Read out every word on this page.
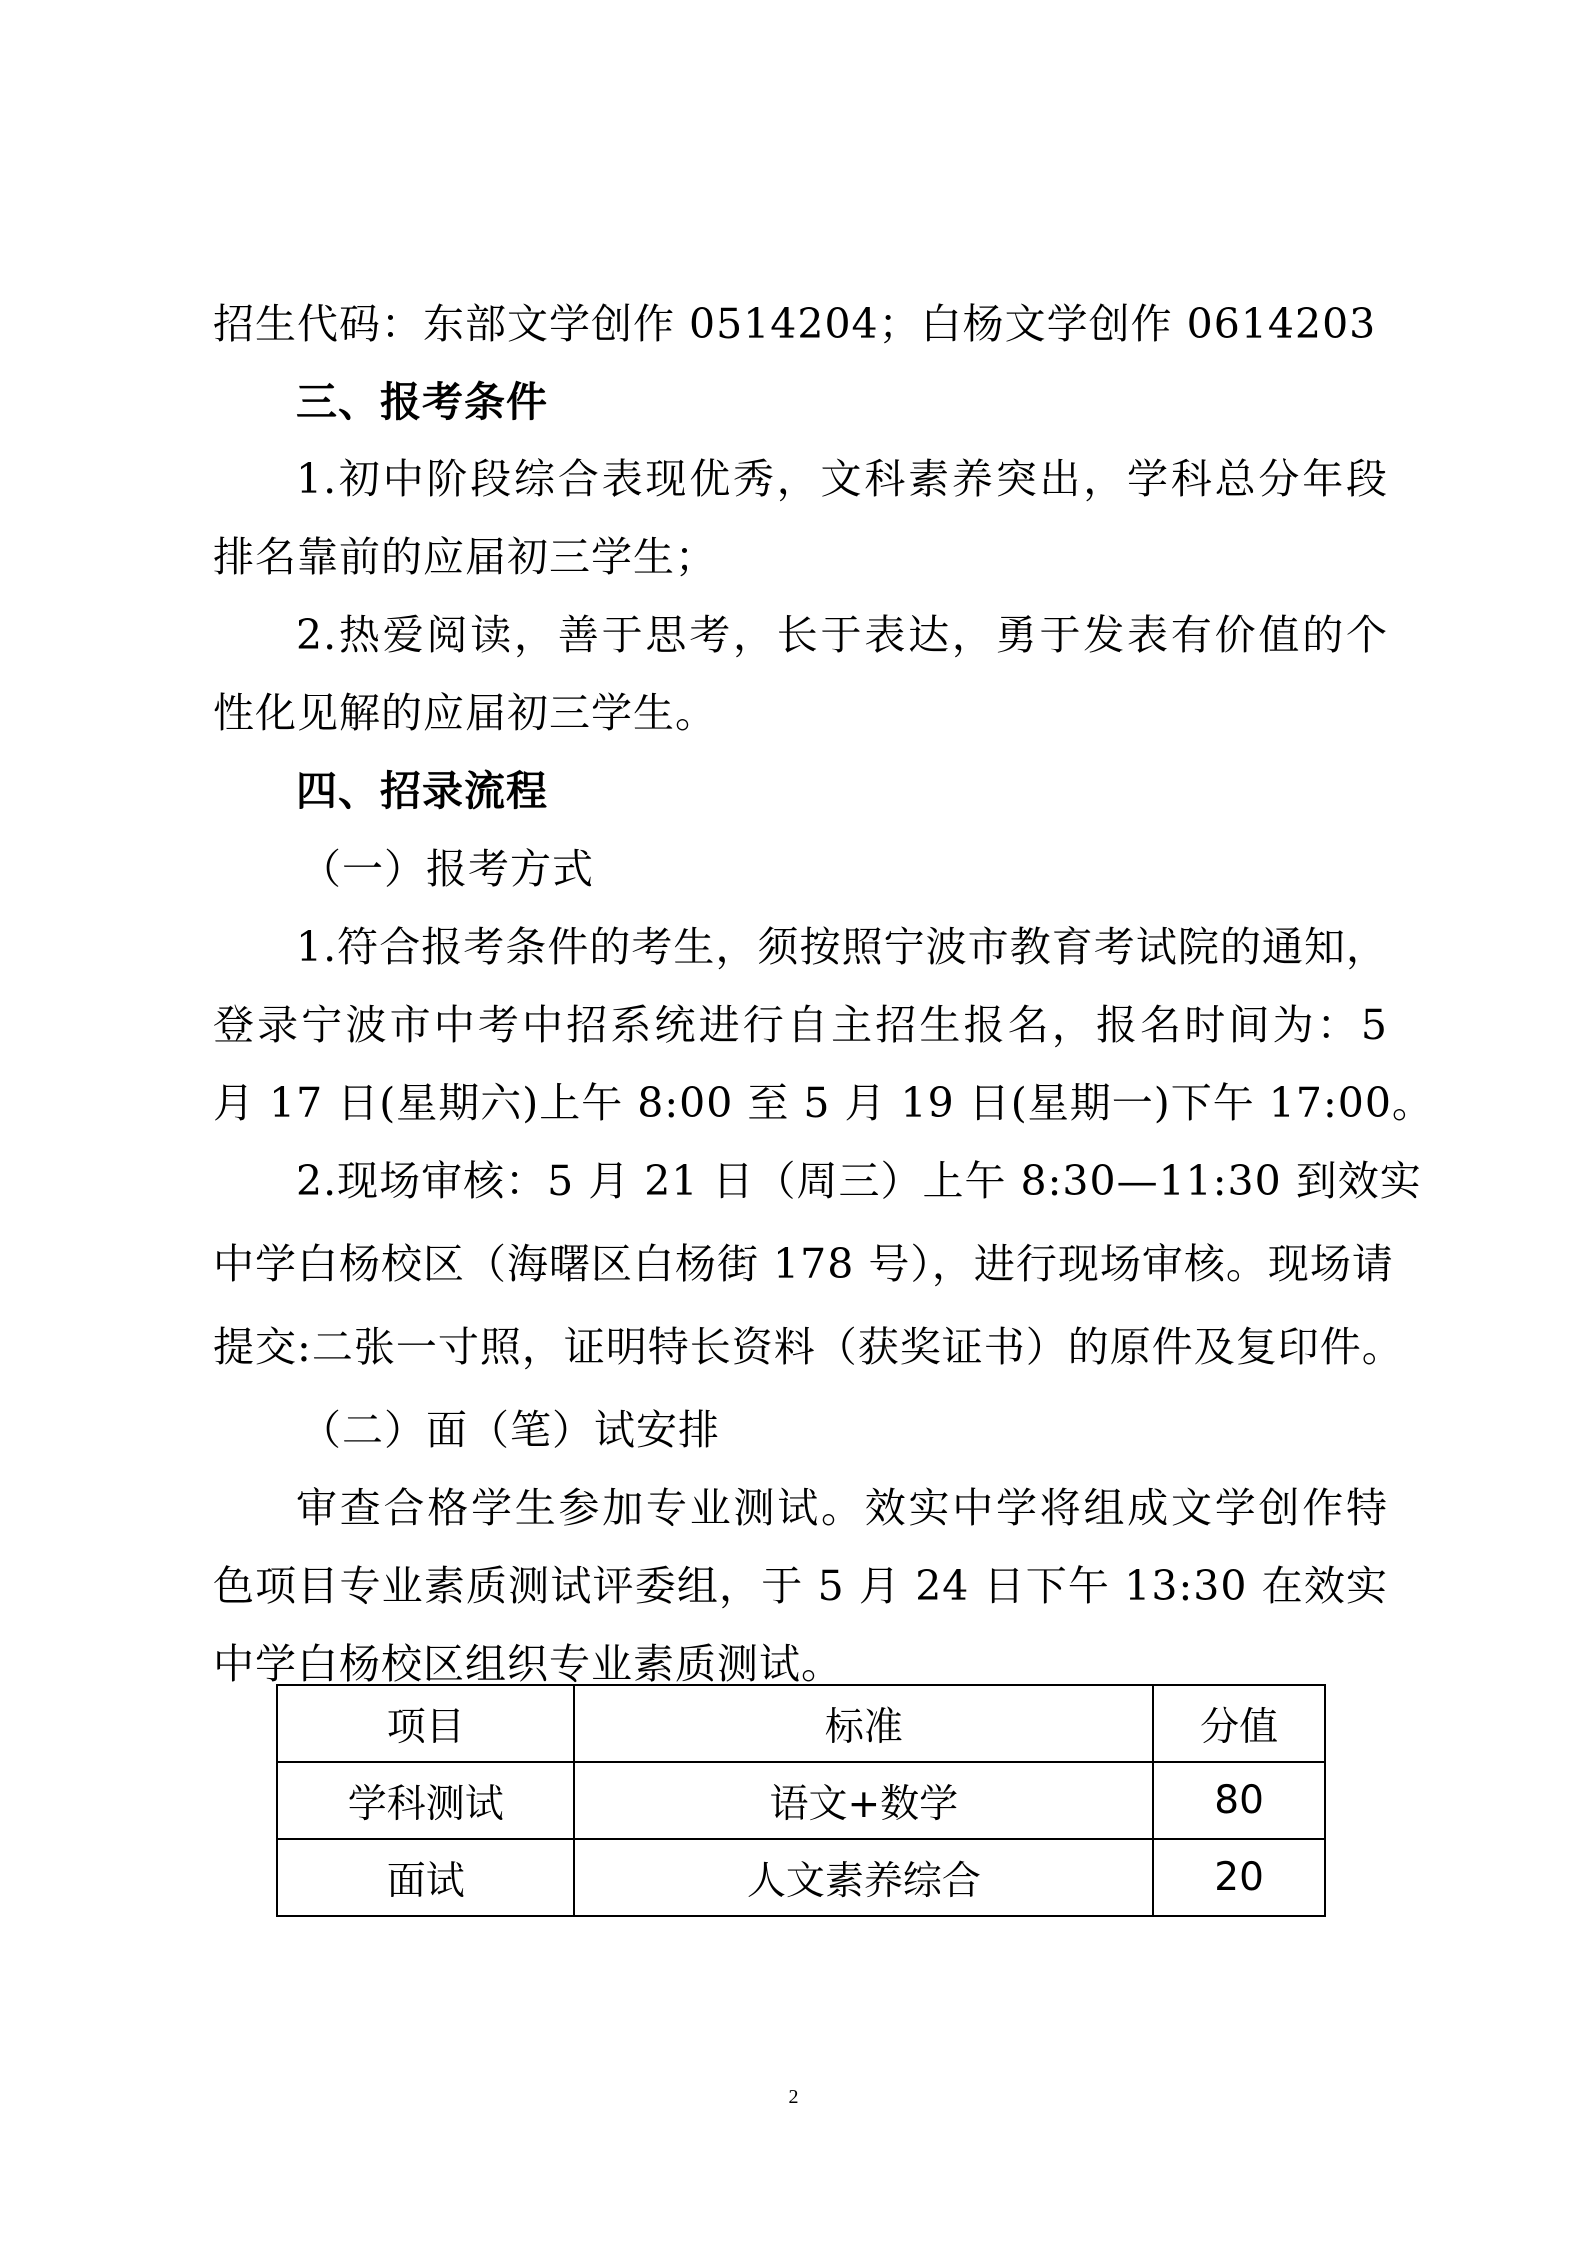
招生代码：东部文学创作 0514204；白杨文学创作 0614203

三、报考条件

1.初中阶段综合表现优秀，文科素养突出，学科总分年段

排名靠前的应届初三学生；

2.热爱阅读，善于思考，长于表达，勇于发表有价值的个

性化见解的应届初三学生。

四、招录流程

（一）报考方式

1.符合报考条件的考生，须按照宁波市教育考试院的通知，

登录宁波市中考中招系统进行自主招生报名，报名时间为：5

月 17 日(星期六)上午 8:00 至 5 月 19 日(星期一)下午 17:00。

2.现场审核：5 月 21 日（周三）上午 8:30—11:30 到效实

中学白杨校区（海曙区白杨街 178 号），进行现场审核。现场请

提交:二张一寸照，证明特长资料（获奖证书）的原件及复印件。

（二）面（笔）试安排

审查合格学生参加专业测试。效实中学将组成文学创作特

色项目专业素质测试评委组，于 5 月 24 日下午 13:30 在效实

中学白杨校区组织专业素质测试。

项目	标准	分值
学科测试	语文+数学	80
面试	人文素养综合	20
2
